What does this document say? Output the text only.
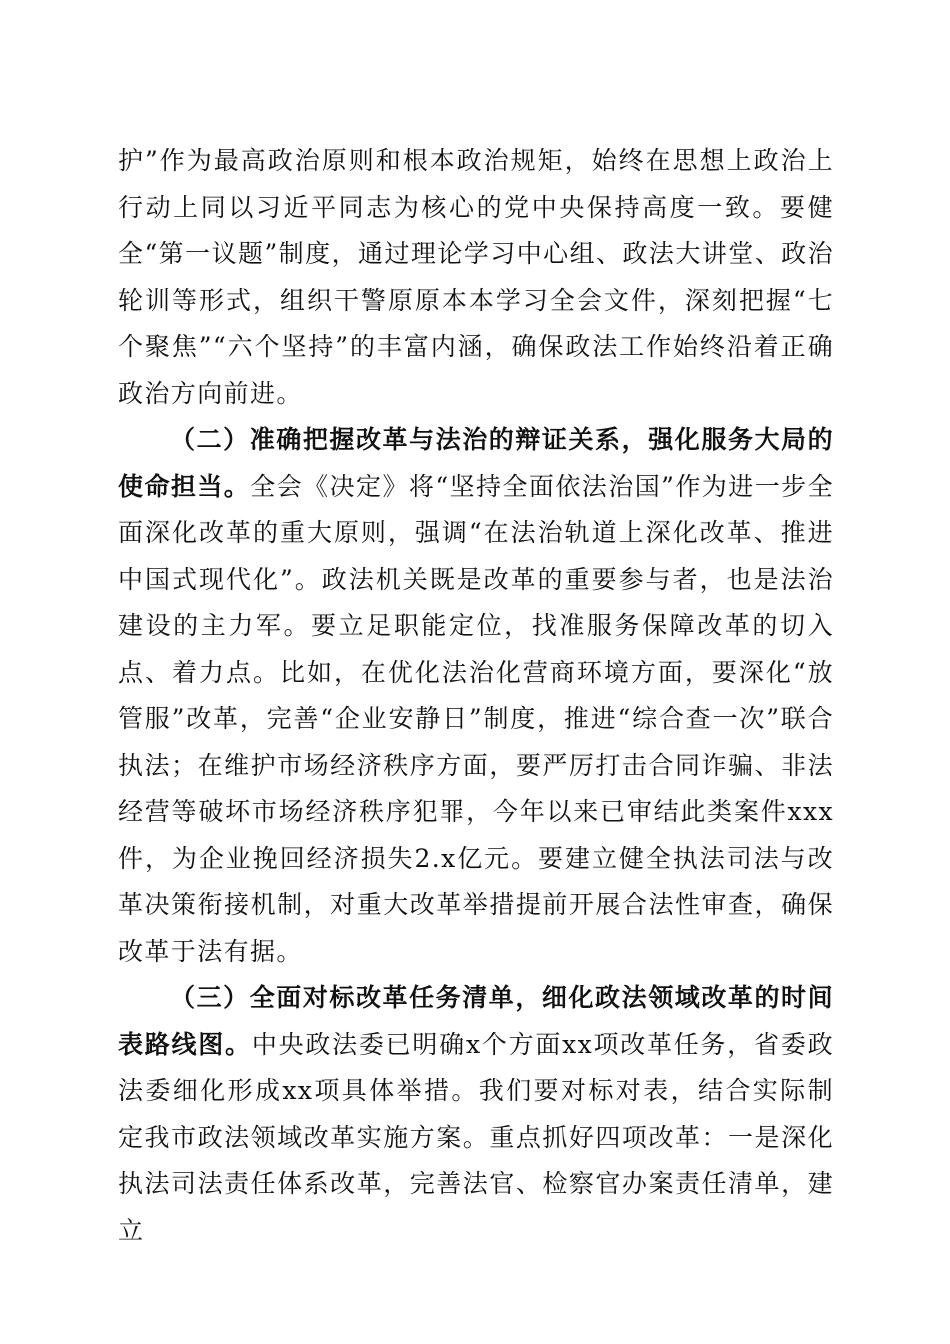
护”作为最高政治原则和根本政治规矩，始终在思想上政治上行动上同以习近平同志为核心的党中央保持高度一致。要健全“第一议题”制度，通过理论学习中心组、政法大讲堂、政治轮训等形式，组织干警原原本本学习全会文件，深刻把握“七个聚焦”“六个坚持”的丰富内涵，确保政法工作始终沿着正确政治方向前进。

（二）准确把握改革与法治的辩证关系，强化服务大局的使命担当。全会《决定》将“坚持全面依法治国”作为进一步全面深化改革的重大原则，强调“在法治轨道上深化改革、推进中国式现代化”。政法机关既是改革的重要参与者，也是法治建设的主力军。要立足职能定位，找准服务保障改革的切入点、着力点。比如，在优化法治化营商环境方面，要深化“放管服”改革，完善“企业安静日”制度，推进“综合查一次”联合执法；在维护市场经济秩序方面，要严厉打击合同诈骗、非法经营等破坏市场经济秩序犯罪，今年以来已审结此类案件xxx件，为企业挽回经济损失2.x亿元。要建立健全执法司法与改革决策衔接机制，对重大改革举措提前开展合法性审查，确保改革于法有据。

（三）全面对标改革任务清单，细化政法领域改革的时间表路线图。中央政法委已明确x个方面xx项改革任务，省委政法委细化形成xx项具体举措。我们要对标对表，结合实际制定我市政法领域改革实施方案。重点抓好四项改革：一是深化执法司法责任体系改革，完善法官、检察官办案责任清单，建立
